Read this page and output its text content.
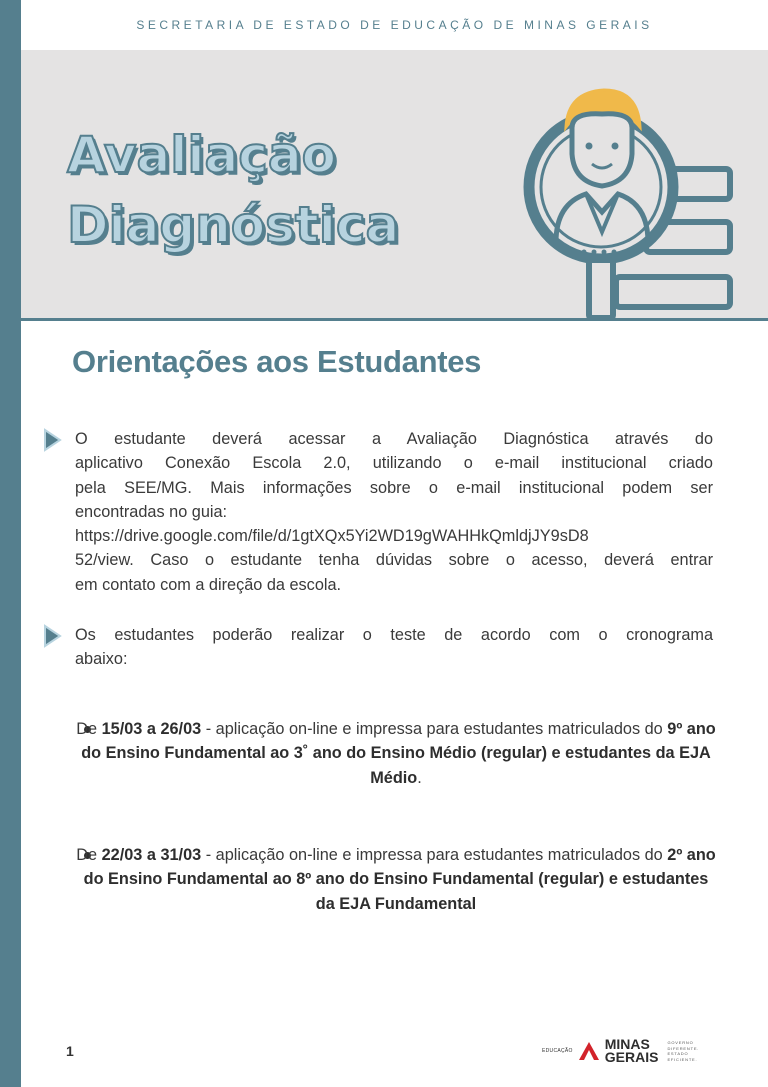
SECRETARIA DE ESTADO DE EDUCAÇÃO DE MINAS GERAIS
Avaliação
Diagnóstica
Orientações aos Estudantes
O estudante deverá acessar a Avaliação Diagnóstica através do
aplicativo Conexão Escola 2.0, utilizando o e-mail institucional criado
pela SEE/MG. Mais informações sobre o e-mail institucional podem ser
encontradas no guia:
https://drive.google.com/file/d/1gtXQx5Yi2WD19gWAHHkQmldjJY9sD8
52/view. Caso o estudante tenha dúvidas sobre o acesso, deverá entrar
em contato com a direção da escola.
Os estudantes poderão realizar o teste de acordo com o cronograma
abaixo:
De 15/03 a 26/03 - aplicação on-line e impressa para estudantes matriculados do 9º ano do Ensino Fundamental ao 3˚ ano do Ensino Médio (regular) e estudantes da EJA Médio.
De 22/03 a 31/03 - aplicação on-line e impressa para estudantes matriculados do 2º ano do Ensino Fundamental ao 8º ano do Ensino Fundamental (regular) e estudantes da EJA Fundamental
1	EDUCAÇÃO MINAS
GERAIS
GOVERNO
DIFERENTE.
ESTADO
EFICIENTE.
